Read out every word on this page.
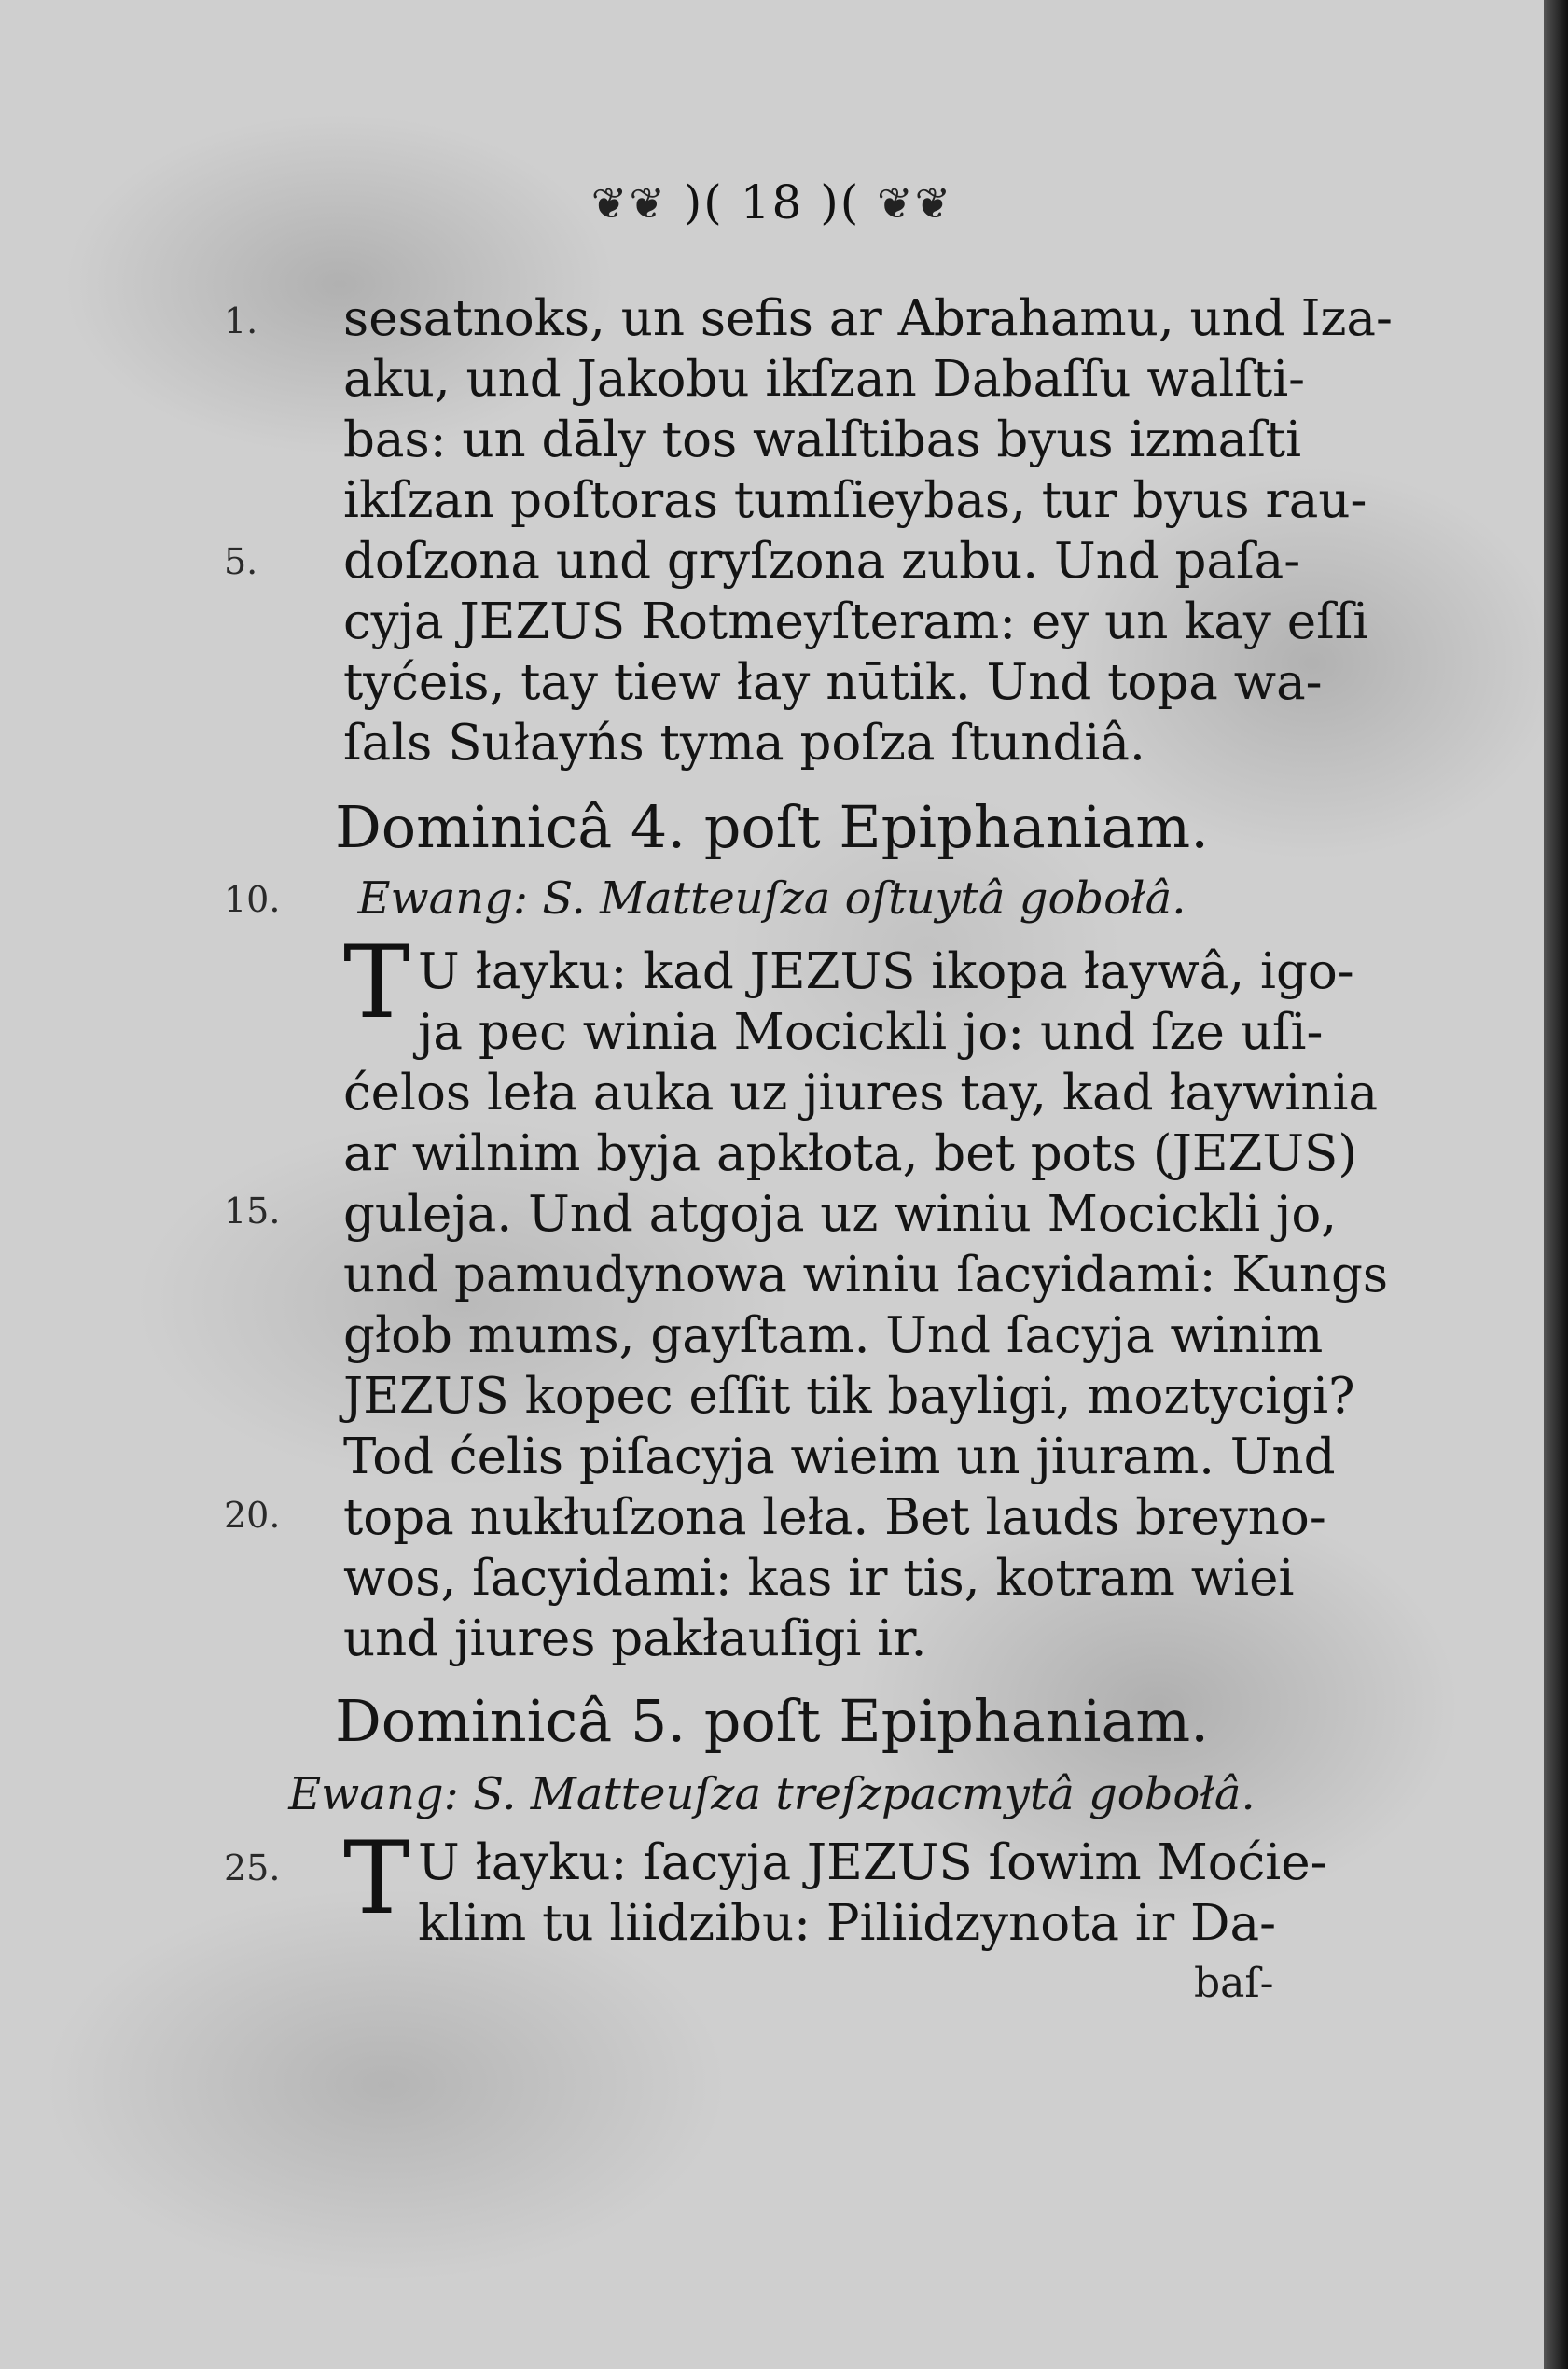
❦❦ )( 18 )( ❦❦
1.
5.
10.
15.
20.
25.
sesatnoks, un sefis ar Abrahamu, und Iza-
aku, und Jakobu ikſzan Dabaſſu walſti-
bas: un dāly tos walſtibas byus izmaſti
ikſzan poſtoras tumſieybas, tur byus rau-
doſzona und gryſzona zubu. Und paſa-
cyja JEZUS Rotmeyſteram: ey un kay eſſi
tyćeis, tay tiew łay nūtik. Und topa wa-
ſals Sułayńs tyma poſza ſtundiâ.
Dominicâ 4. poſt Epiphaniam.
Ewang: S. Matteuſza oſtuytâ gobołâ.
T U łayku: kad JEZUS ikopa łaywâ, igo-
ja pec winia Mocickli jo: und ſze uſi-
ćelos leła auka uz jiures tay, kad łaywinia
ar wilnim byja apkłota, bet pots (JEZUS)
guleja. Und atgoja uz winiu Mocickli jo,
und pamudynowa winiu ſacyidami: Kungs
głob mums, gayſtam. Und ſacyja winim
JEZUS kopec eſſit tik bayligi, moztycigi?
Tod ćelis piſacyja wieim un jiuram. Und
topa nukłuſzona leła. Bet lauds breyno-
wos, ſacyidami: kas ir tis, kotram wiei
und jiures pakłauſigi ir.
Dominicâ 5. poſt Epiphaniam.
Ewang: S. Matteuſza treſzpacmytâ gobołâ.
T U łayku: ſacyja JEZUS ſowim Moćie-
klim tu liidzibu: Piliidzynota ir Da-
baſ-
